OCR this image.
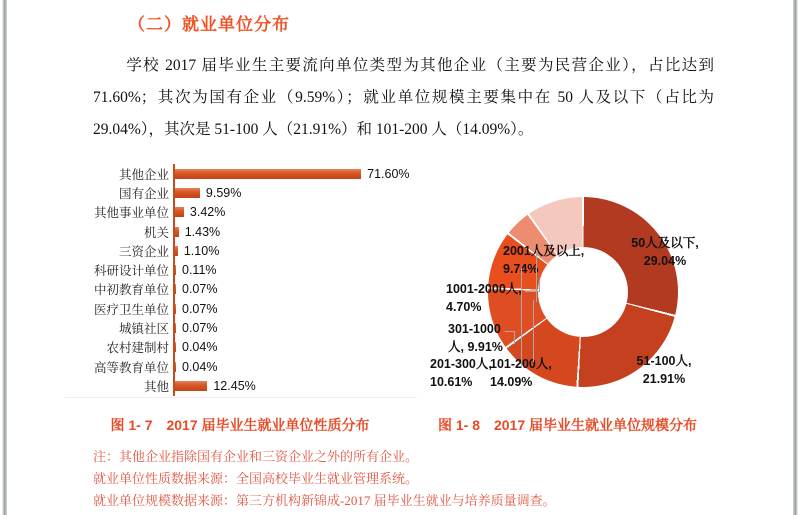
（二）就业单位分布
学校 2017 届毕业生主要流向单位类型为其他企业（主要为民营企业），占比达到 71.60%；其次为国有企业（9.59%）；就业单位规模主要集中在 50 人及以下（占比为 29.04%），其次是 51-100 人（21.91%）和 101-200 人（14.09%）。
其他企业	71.60%
国有企业	9.59%
其他事业单位	3.42%
机关	1.43%
三资企业	1.10%
科研设计单位	0.11%
中初教育单位	0.07%
医疗卫生单位	0.07%
城镇社区	0.07%
农村建制村	0.04%
高等教育单位	0.04%
其他	12.45%
50人及以下,
29.04%
51-100人,
21.91%
101-200人,
14.09%
201-300人,
10.61%
301-1000
人, 9.91%
1001-2000人,
4.70%
2001人及以上,
9.74%
图 1- 7　2017 届毕业生就业单位性质分布	图 1- 8　2017 届毕业生就业单位规模分布
注：其他企业指除国有企业和三资企业之外的所有企业。
就业单位性质数据来源：全国高校毕业生就业管理系统。
就业单位规模数据来源：第三方机构新锦成-2017 届毕业生就业与培养质量调查。
